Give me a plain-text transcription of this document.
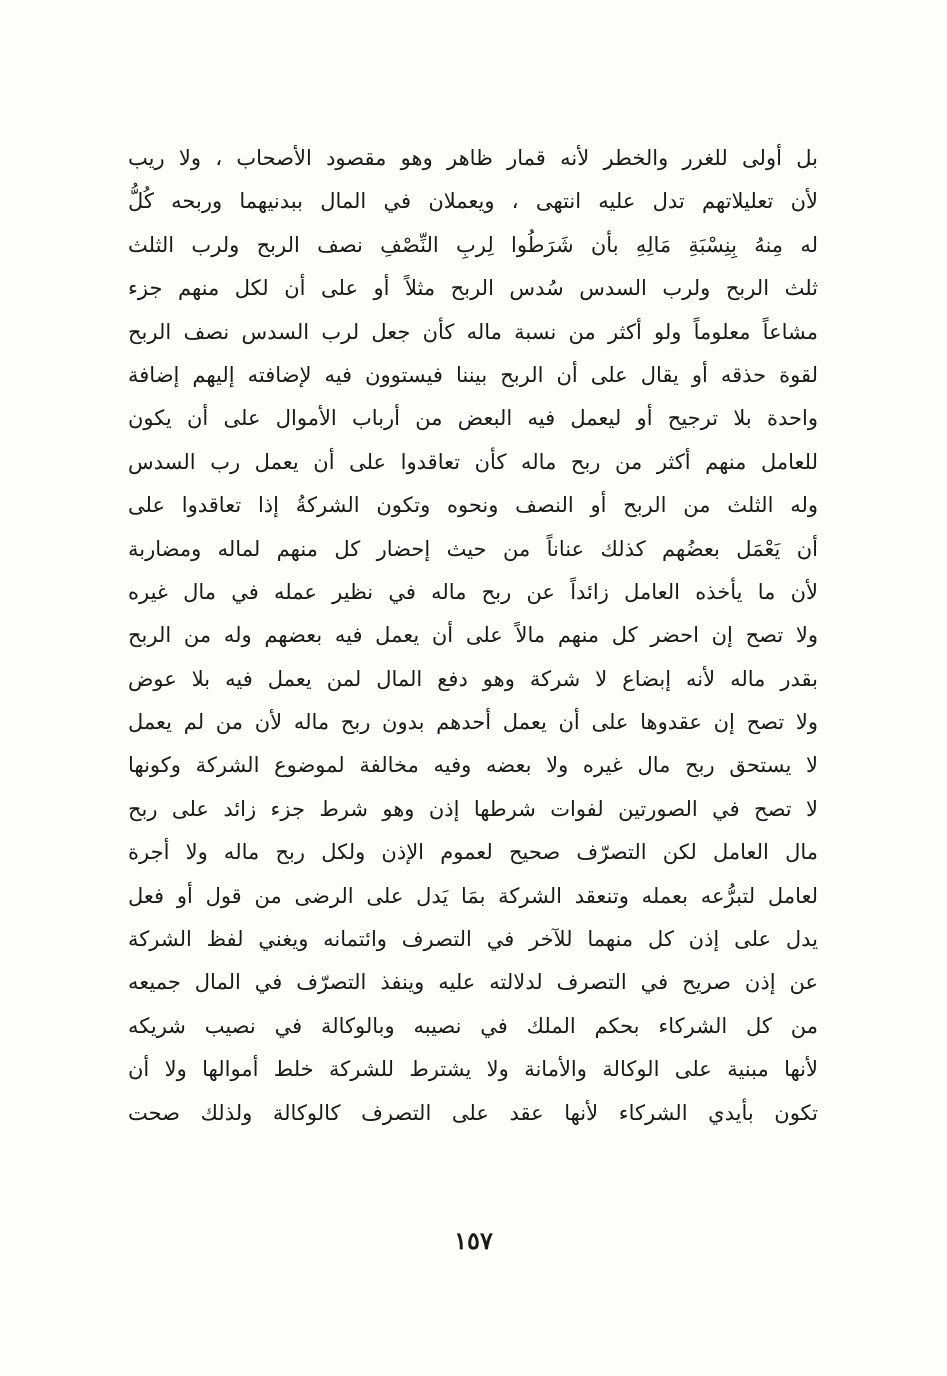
بل أولى للغرر والخطر لأنه قمار ظاهر وهو مقصود الأصحاب ، ولا ريب
لأن تعليلاتهم تدل عليه انتهى ، ويعملان في المال ببدنيهما وربحه كُلُّ
له مِنهُ بِنِسْبَةِ مَالِهِ بأن شَرَطُوا لِربِ النِّصْفِ نصف الربح ولرب الثلث
ثلث الربح ولرب السدس سُدس الربح مثلاً أو على أن لكل منهم جزء
مشاعاً معلوماً ولو أكثر من نسبة ماله كأن جعل لرب السدس نصف الربح
لقوة حذقه أو يقال على أن الربح بيننا فيستوون فيه لإضافته إليهم إضافة
واحدة بلا ترجيح أو ليعمل فيه البعض من أرباب الأموال على أن يكون
للعامل منهم أكثر من ربح ماله كأن تعاقدوا على أن يعمل رب السدس
وله الثلث من الربح أو النصف ونحوه وتكون الشركةُ إذا تعاقدوا على
أن يَعْمَل بعضُهم كذلك عناناً من حيث إحضار كل منهم لماله ومضاربة
لأن ما يأخذه العامل زائداً عن ربح ماله في نظير عمله في مال غيره
ولا تصح إن احضر كل منهم مالاً على أن يعمل فيه بعضهم وله من الربح
بقدر ماله لأنه إبضاع لا شركة وهو دفع المال لمن يعمل فيه بلا عوض
ولا تصح إن عقدوها على أن يعمل أحدهم بدون ربح ماله لأن من لم يعمل
لا يستحق ربح مال غيره ولا بعضه وفيه مخالفة لموضوع الشركة وكونها
لا تصح في الصورتين لفوات شرطها إذن وهو شرط جزء زائد على ربح
مال العامل لكن التصرّف صحيح لعموم الإذن ولكل ربح ماله ولا أجرة
لعامل لتبرُّعه بعمله وتنعقد الشركة بمَا يَدل على الرضى من قول أو فعل
يدل على إذن كل منهما للآخر في التصرف وائتمانه ويغني لفظ الشركة
عن إذن صريح في التصرف لدلالته عليه وينفذ التصرّف في المال جميعه
من كل الشركاء بحكم الملك في نصيبه وبالوكالة في نصيب شريكه
لأنها مبنية على الوكالة والأمانة ولا يشترط للشركة خلط أموالها ولا أن
تكون بأيدي الشركاء لأنها عقد على التصرف كالوكالة ولذلك صحت
١٥٧
